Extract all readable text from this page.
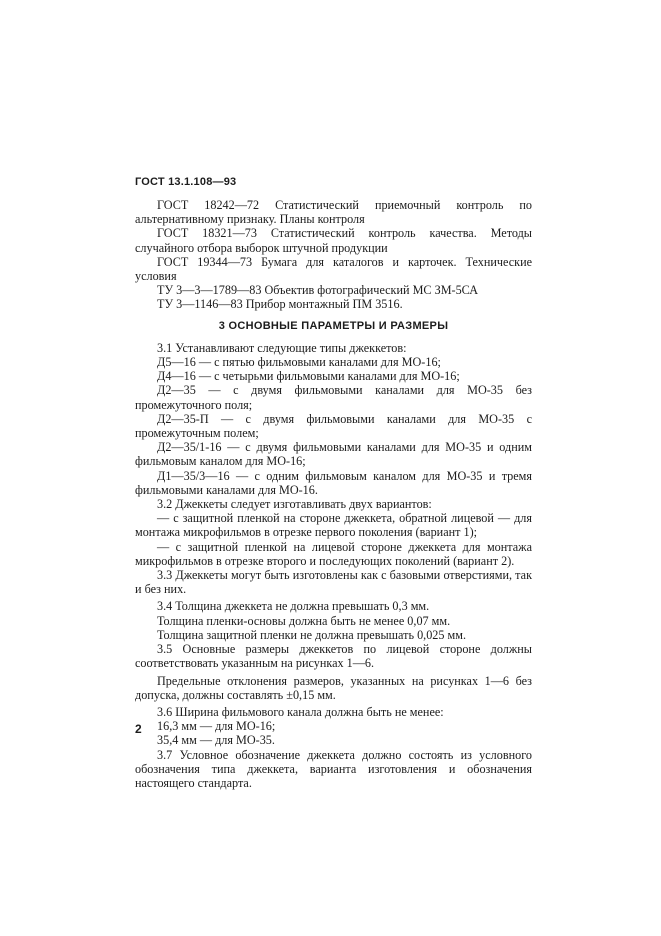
ГОСТ 13.1.108—93

ГОСТ 18242—72 Статистический приемочный контроль по альтернативному признаку. Планы контроля

ГОСТ 18321—73 Статистический контроль качества. Методы случайного отбора выборок штучной продукции

ГОСТ 19344—73 Бумага для каталогов и карточек. Технические условия

ТУ 3—3—1789—83 Объектив фотографический МС ЗМ-5СА

ТУ 3—1146—83 Прибор монтажный ПМ 3516.

3 ОСНОВНЫЕ ПАРАМЕТРЫ И РАЗМЕРЫ

3.1 Устанавливают следующие типы джеккетов:

Д5—16 — с пятью фильмовыми каналами для МО-16;

Д4—16 — с четырьми фильмовыми каналами для МО-16;

Д2—35 — с двумя фильмовыми каналами для МО-35 без промежуточного поля;

Д2—35-П — с двумя фильмовыми каналами для МО-35 с промежуточным полем;

Д2—35/1-16 — с двумя фильмовыми каналами для МО-35 и одним фильмовым каналом для МО-16;

Д1—35/3—16 — с одним фильмовым каналом для МО-35 и тремя фильмовыми каналами для МО-16.

3.2 Джеккеты следует изготавливать двух вариантов:

— с защитной пленкой на стороне джеккета, обратной лицевой — для монтажа микрофильмов в отрезке первого поколения (вариант 1);

— с защитной пленкой на лицевой стороне джеккета для монтажа микрофильмов в отрезке второго и последующих поколений (вариант 2).

3.3 Джеккеты могут быть изготовлены как с базовыми отверстиями, так и без них.

3.4 Толщина джеккета не должна превышать 0,3 мм.

Толщина пленки-основы должна быть не менее 0,07 мм.

Толщина защитной пленки не должна превышать 0,025 мм.

3.5 Основные размеры джеккетов по лицевой стороне должны соответствовать указанным на рисунках 1—6.

Предельные отклонения размеров, указанных на рисунках 1—6 без допуска, должны составлять ±0,15 мм.

3.6 Ширина фильмового канала должна быть не менее:

16,3 мм — для МО-16;

35,4 мм — для МО-35.

3.7 Условное обозначение джеккета должно состоять из условного обозначения типа джеккета, варианта изготовления и обозначения настоящего стандарта.

2
